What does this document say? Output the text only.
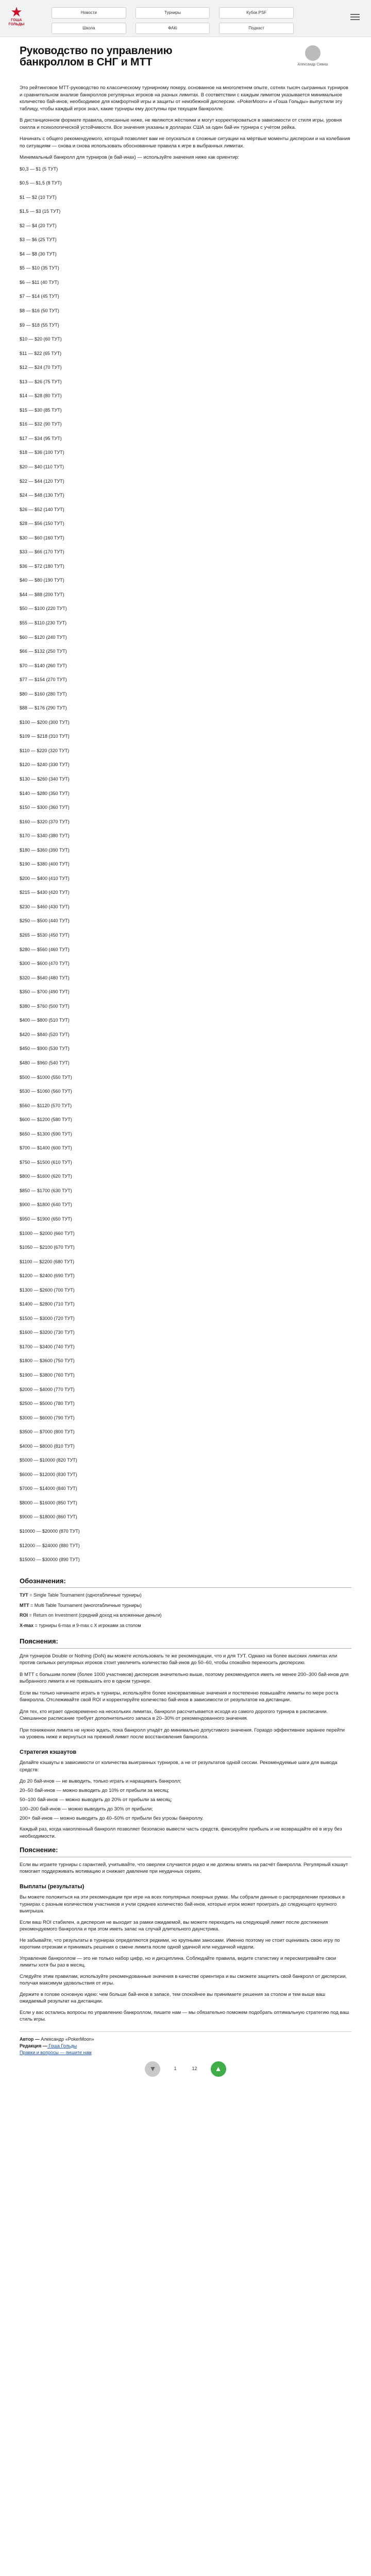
★
ГОША
ГОЛЬДЫ
Новости	Турниры	Кубок PSF
Школа	ФАКі	Подкаст
Руководство по управлению банкроллом в СНГ и МТТ	Александр Сивиш

Это рейтинговое МТТ-руководство по классическому турнирному покеру, основанное на многолетнем опыте, сотнях тысяч сыгранных турниров и сравнительном анализе банкроллов регулярных игроков на разных лимитах. В соответствии с каждым лимитом указывается минимальное количество бай-инов, необходимое для комфортной игры и защиты от неизбежной дисперсии. «PokerMoon» и «Гоша Гольды» выпустили эту таблицу, чтобы каждый игрок знал, какие турниры ему доступны при текущем банкролле.

В дистанционном формате правила, описанные ниже, не являются жёсткими и могут корректироваться в зависимости от стиля игры, уровня скилла и психологической устойчивости. Все значения указаны в долларах США за один бай-ин турнира с учётом рейка.

Начинать с общего рекомендуемого, который позволяет вам не опускаться в сложные ситуации на мёртвые моменты дисперсии и на колебания по ситуациям — снова и снова использовать обоснованные правила к игре в выбранных лимитах.

Минимальный банкролл для турниров (в бай-инах) — используйте значения ниже как ориентир:

$0,3 — $1 (5 ТУТ)
$0,5 — $1,5 (8 ТУТ)
$1 — $2 (10 ТУТ)
$1,5 — $3 (15 ТУТ)
$2 — $4 (20 ТУТ)
$3 — $6 (25 ТУТ)
$4 — $8 (30 ТУТ)
$5 — $10 (35 ТУТ)
$6 — $11 (40 ТУТ)
$7 — $14 (45 ТУТ)
$8 — $16 (50 ТУТ)
$9 — $18 (55 ТУТ)
$10 — $20 (60 ТУТ)
$11 — $22 (65 ТУТ)
$12 — $24 (70 ТУТ)
$13 — $26 (75 ТУТ)
$14 — $28 (80 ТУТ)
$15 — $30 (85 ТУТ)
$16 — $32 (90 ТУТ)
$17 — $34 (95 ТУТ)
$18 — $36 (100 ТУТ)
$20 — $40 (110 ТУТ)
$22 — $44 (120 ТУТ)
$24 — $48 (130 ТУТ)
$26 — $52 (140 ТУТ)
$28 — $56 (150 ТУТ)
$30 — $60 (160 ТУТ)
$33 — $66 (170 ТУТ)
$36 — $72 (180 ТУТ)
$40 — $80 (190 ТУТ)
$44 — $88 (200 ТУТ)
$50 — $100 (220 ТУТ)
$55 — $110 (230 ТУТ)
$60 — $120 (240 ТУТ)
$66 — $132 (250 ТУТ)
$70 — $140 (260 ТУТ)
$77 — $154 (270 ТУТ)
$80 — $160 (280 ТУТ)
$88 — $176 (290 ТУТ)
$100 — $200 (300 ТУТ)
$109 — $218 (310 ТУТ)
$110 — $220 (320 ТУТ)
$120 — $240 (330 ТУТ)
$130 — $260 (340 ТУТ)
$140 — $280 (350 ТУТ)
$150 — $300 (360 ТУТ)
$160 — $320 (370 ТУТ)
$170 — $340 (380 ТУТ)
$180 — $360 (390 ТУТ)
$190 — $380 (400 ТУТ)
$200 — $400 (410 ТУТ)
$215 — $430 (420 ТУТ)
$230 — $460 (430 ТУТ)
$250 — $500 (440 ТУТ)
$265 — $530 (450 ТУТ)
$280 — $560 (460 ТУТ)
$300 — $600 (470 ТУТ)
$320 — $640 (480 ТУТ)
$350 — $700 (490 ТУТ)
$380 — $760 (500 ТУТ)
$400 — $800 (510 ТУТ)
$420 — $840 (520 ТУТ)
$450 — $900 (530 ТУТ)
$480 — $960 (540 ТУТ)
$500 — $1000 (550 ТУТ)
$530 — $1060 (560 ТУТ)
$560 — $1120 (570 ТУТ)
$600 — $1200 (580 ТУТ)
$650 — $1300 (590 ТУТ)
$700 — $1400 (600 ТУТ)
$750 — $1500 (610 ТУТ)
$800 — $1600 (620 ТУТ)
$850 — $1700 (630 ТУТ)
$900 — $1800 (640 ТУТ)
$950 — $1900 (650 ТУТ)
$1000 — $2000 (660 ТУТ)
$1050 — $2100 (670 ТУТ)
$1100 — $2200 (680 ТУТ)
$1200 — $2400 (690 ТУТ)
$1300 — $2600 (700 ТУТ)
$1400 — $2800 (710 ТУТ)
$1500 — $3000 (720 ТУТ)
$1600 — $3200 (730 ТУТ)
$1700 — $3400 (740 ТУТ)
$1800 — $3600 (750 ТУТ)
$1900 — $3800 (760 ТУТ)
$2000 — $4000 (770 ТУТ)
$2500 — $5000 (780 ТУТ)
$3000 — $6000 (790 ТУТ)
$3500 — $7000 (800 ТУТ)
$4000 — $8000 (810 ТУТ)
$5000 — $10000 (820 ТУТ)
$6000 — $12000 (830 ТУТ)
$7000 — $14000 (840 ТУТ)
$8000 — $16000 (850 ТУТ)
$9000 — $18000 (860 ТУТ)
$10000 — $20000 (870 ТУТ)
$12000 — $24000 (880 ТУТ)
$15000 — $30000 (890 ТУТ)
Обозначения:

ТУТ = Single Table Tournament (однотабличные турниры)

МТТ = Multi Table Tournament (многотабличные турниры)

ROI = Return on Investment (средний доход на вложенные деньги)

X-max = турниры 6-max и 9-max с X игроками за столом

Пояснения:

Для турниров Double or Nothing (DoN) вы можете использовать те же рекомендации, что и для ТУТ. Однако на более высоких лимитах или против сильных регулярных игроков стоит увеличить количество бай-инов до 50–60, чтобы спокойно переносить дисперсию.

В МТТ с большим полем (более 1000 участников) дисперсия значительно выше, поэтому рекомендуется иметь не менее 200–300 бай-инов для выбранного лимита и не превышать его в одном турнире.

Если вы только начинаете играть в турниры, используйте более консервативные значения и постепенно повышайте лимиты по мере роста банкролла. Отслеживайте свой ROI и корректируйте количество бай-инов в зависимости от результатов на дистанции.

Для тех, кто играет одновременно на нескольких лимитах, банкролл рассчитывается исходя из самого дорогого турнира в расписании. Смешанное расписание требует дополнительного запаса в 20–30% от рекомендованного значения.

При понижении лимита не нужно ждать, пока банкролл упадёт до минимально допустимого значения. Гораздо эффективнее заранее перейти на уровень ниже и вернуться на прежний лимит после восстановления банкролла.

Стратегия кэшаутов

Делайте кэшауты в зависимости от количества выигранных турниров, а не от результатов одной сессии. Рекомендуемые шаги для вывода средств:

До 20 бай-инов — не выводить, только играть и наращивать банкролл;

20–50 бай-инов — можно выводить до 10% от прибыли за месяц;

50–100 бай-инов — можно выводить до 20% от прибыли за месяц;

100–200 бай-инов — можно выводить до 30% от прибыли;

200+ бай-инов — можно выводить до 40–50% от прибыли без угрозы банкроллу.

Каждый раз, когда накопленный банкролл позволяет безопасно вывести часть средств, фиксируйте прибыль и не возвращайте её в игру без необходимости.

Пояснение:

Если вы играете турниры с гарантией, учитывайте, что оверлеи случаются редко и не должны влиять на расчёт банкролла. Регулярный кэшаут помогает поддерживать мотивацию и снижает давление при неудачных сериях.

Выплаты (результаты)

Вы можете положиться на эти рекомендации при игре на всех популярных покерных румах. Мы собрали данные о распределении призовых в турнирах с разным количеством участников и учли среднее количество бай-инов, которые игрок может проиграть до следующего крупного выигрыша.

Если ваш ROI стабилен, а дисперсия не выходит за рамки ожидаемой, вы можете переходить на следующий лимит после достижения рекомендуемого банкролла и при этом иметь запас на случай длительного даунстрика.

Не забывайте, что результаты в турнирах определяются редкими, но крупными заносами. Именно поэтому не стоит оценивать свою игру по коротким отрезкам и принимать решения о смене лимита после одной удачной или неудачной недели.

Управление банкроллом — это не только набор цифр, но и дисциплина. Соблюдайте правила, ведите статистику и пересматривайте свои лимиты хотя бы раз в месяц.

Следуйте этим правилам, используйте рекомендованные значения в качестве ориентира и вы сможете защитить свой банкролл от дисперсии, получая максимум удовольствия от игры.

Держите в голове основную идею: чем больше бай-инов в запасе, тем спокойнее вы принимаете решения за столом и тем выше ваш ожидаемый результат на дистанции.

Если у вас остались вопросы по управлению банкроллом, пишите нам — мы обязательно поможем подобрать оптимальную стратегию под ваш стиль игры.

Автор — Александр «PokerMoon»
Редакция — Гоша Гольды
Правки и вопросы — пишите нам
▼	1	12 ▲
